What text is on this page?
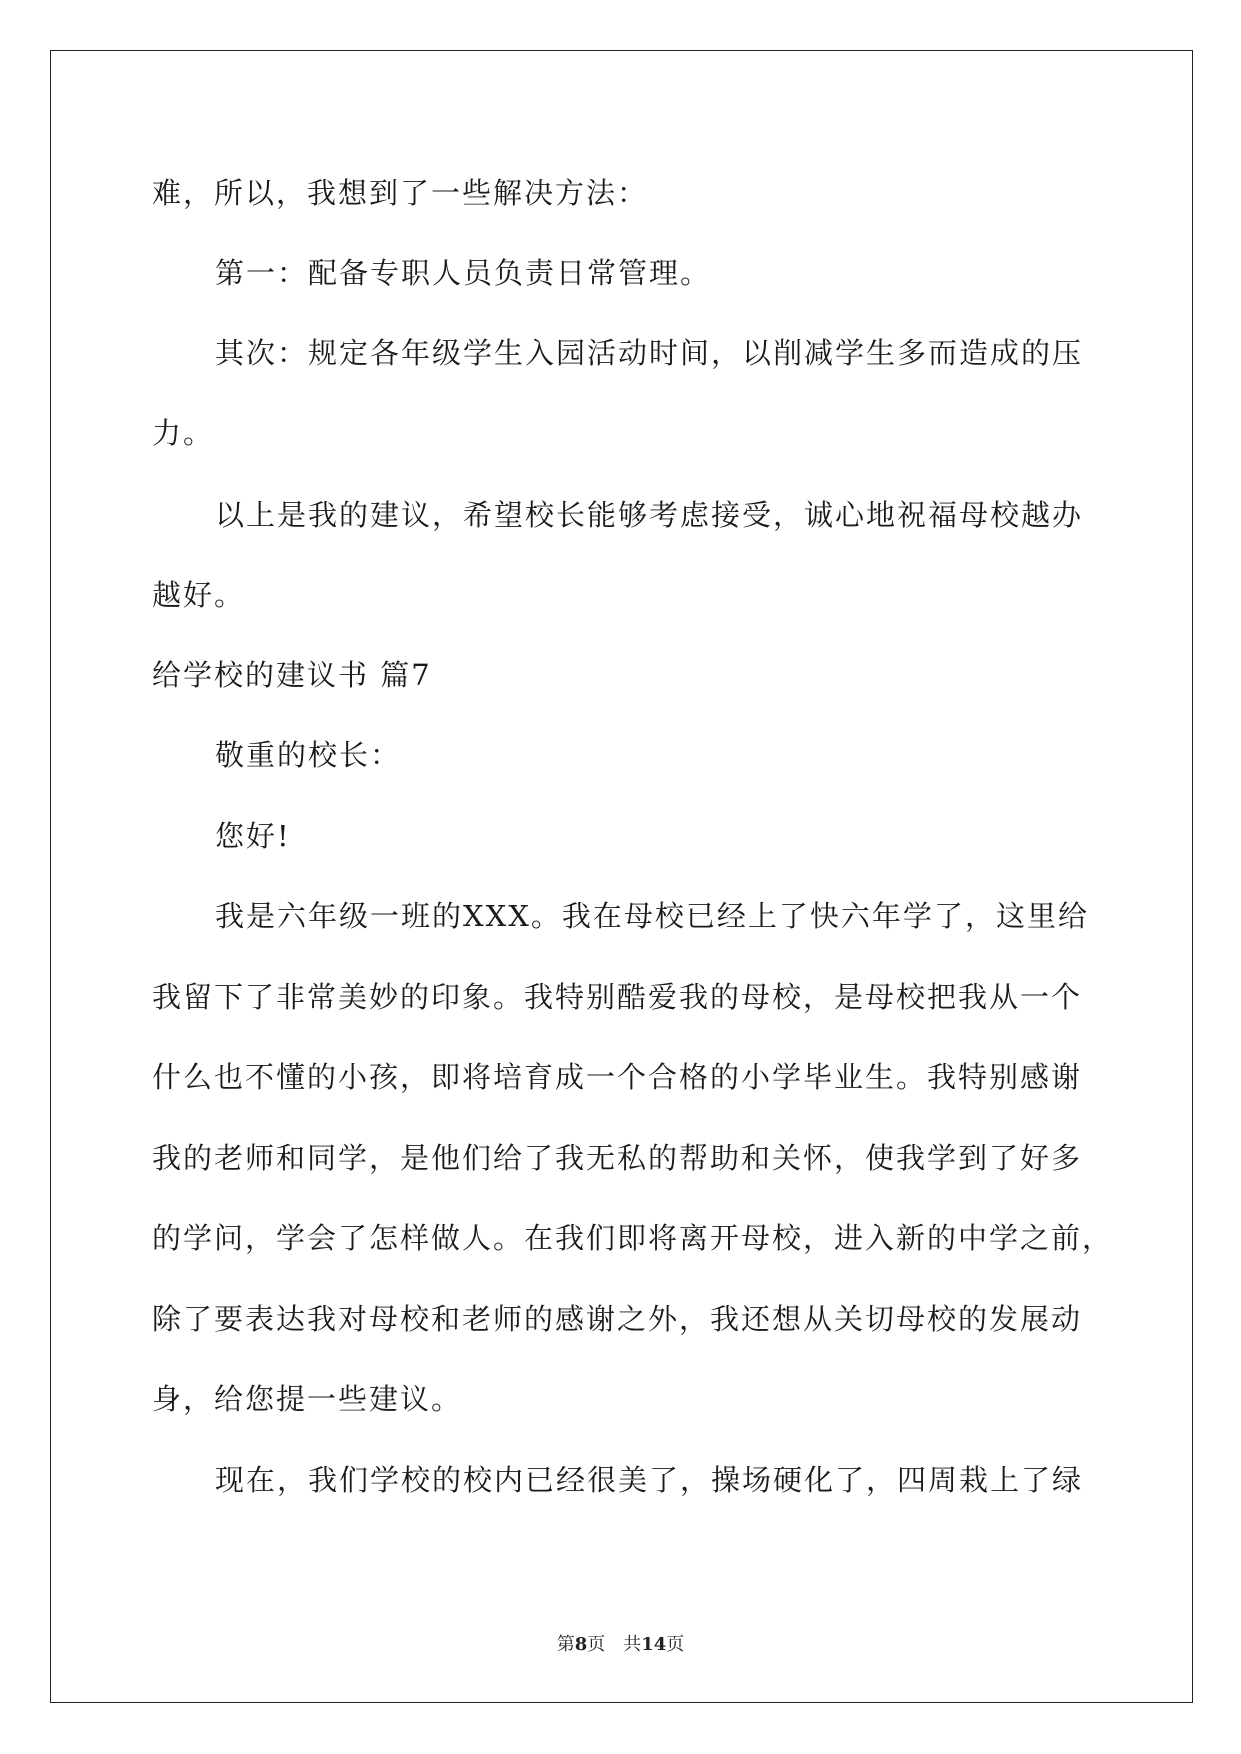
难，所以，我想到了一些解决方法：
第一：配备专职人员负责日常管理。
其次：规定各年级学生入园活动时间，以削减学生多而造成的压
力。
以上是我的建议，希望校长能够考虑接受，诚心地祝福母校越办
越好。
给学校的建议书 篇7
敬重的校长：
您好!
我是六年级一班的XXX。我在母校已经上了快六年学了，这里给
我留下了非常美妙的印象。我特别酷爱我的母校，是母校把我从一个
什么也不懂的小孩，即将培育成一个合格的小学毕业生。我特别感谢
我的老师和同学，是他们给了我无私的帮助和关怀，使我学到了好多
的学问，学会了怎样做人。在我们即将离开母校，进入新的中学之前，
除了要表达我对母校和老师的感谢之外，我还想从关切母校的发展动
身，给您提一些建议。
现在，我们学校的校内已经很美了，操场硬化了，四周栽上了绿
第8页　共14页
